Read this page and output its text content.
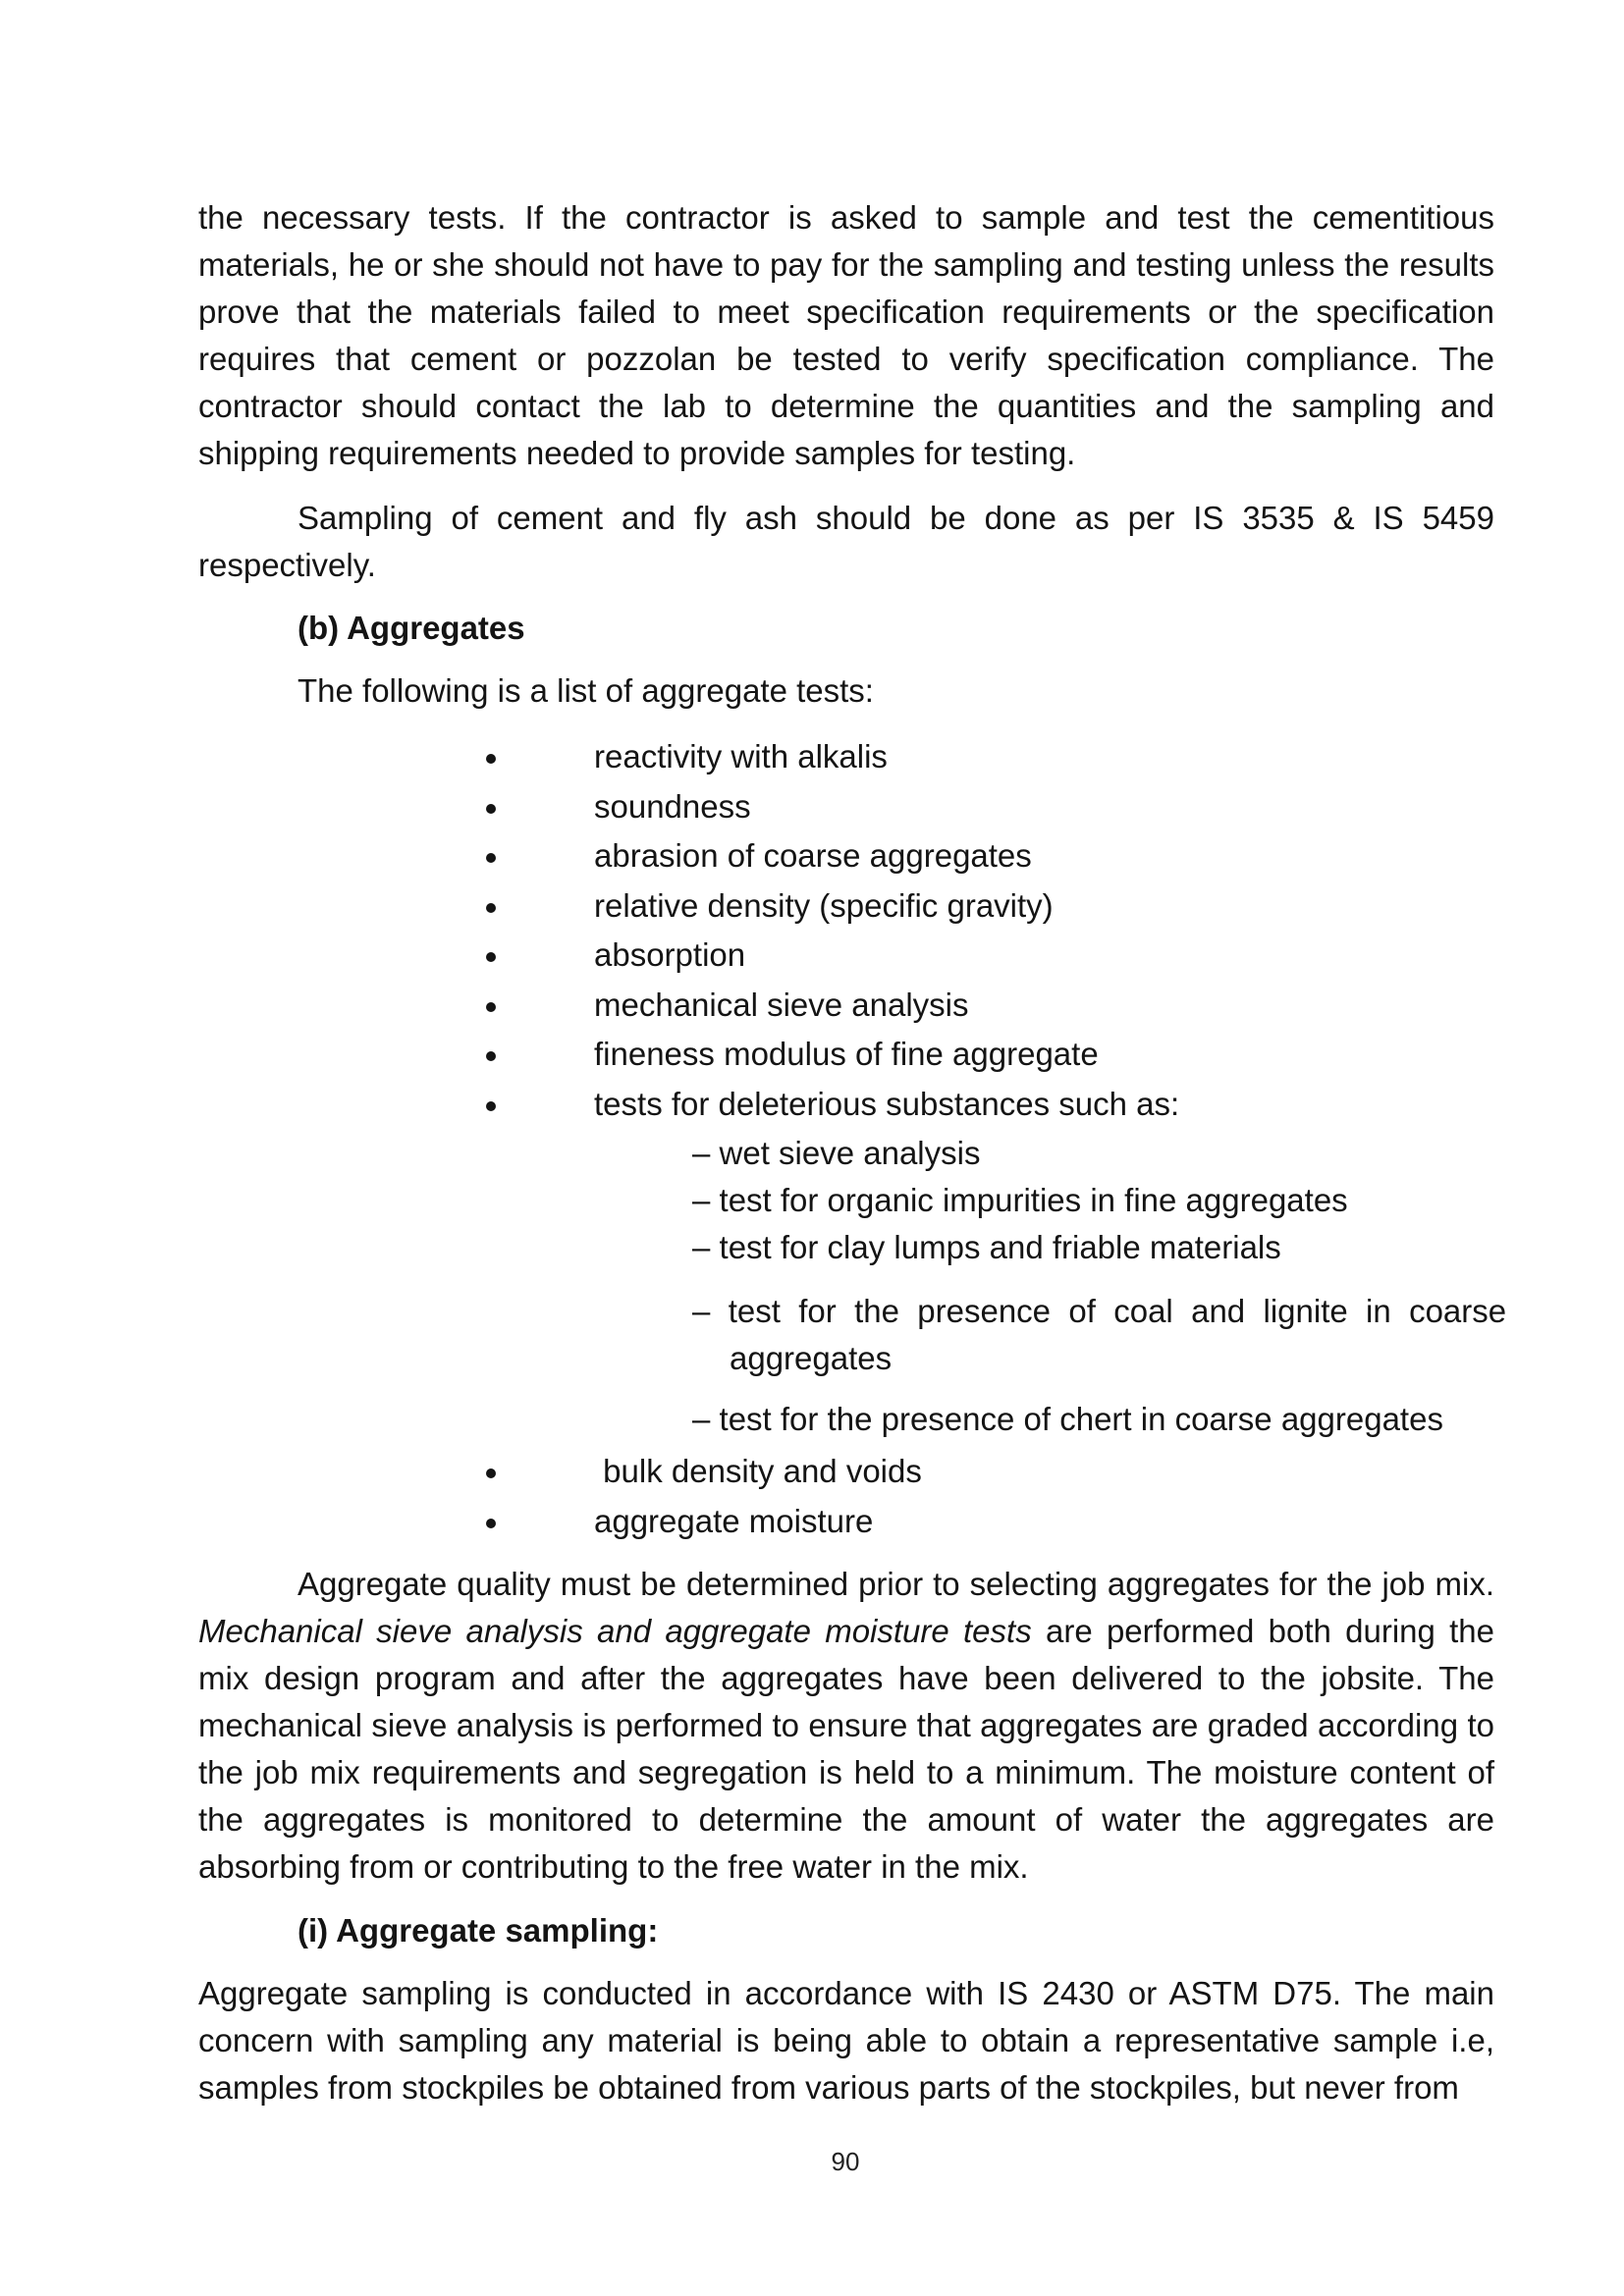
the necessary tests. If the contractor is asked to sample and test the cementitious materials, he or she should not have to pay for the sampling and testing unless the results prove that the materials failed to meet specification requirements or the specification requires that cement or pozzolan be tested to verify specification compliance. The contractor should contact the lab to determine the quantities and the sampling and shipping requirements needed to provide samples for testing.

Sampling of cement and fly ash should be done as per IS 3535 & IS 5459 respectively.

(b) Aggregates

The following is a list of aggregate tests:

reactivity with alkalis
soundness
abrasion of coarse aggregates
relative density (specific gravity)
absorption
mechanical sieve analysis
fineness modulus of fine aggregate
tests for deleterious substances such as:
– wet sieve analysis
– test for organic impurities in fine aggregates
– test for clay lumps and friable materials

–  test  for  the  presence  of  coal  and  lignite  in  coarse
aggregates

– test for the presence of chert in coarse aggregates

bulk density and voids
aggregate moisture

Aggregate quality must be determined prior to selecting aggregates for the job mix. Mechanical sieve analysis and aggregate moisture tests are performed both during the mix design program and after the aggregates have been delivered to the jobsite. The mechanical sieve analysis is performed to ensure that aggregates are graded according to the job mix requirements and segregation is held to a minimum. The moisture content of the aggregates is monitored to determine the amount of water the aggregates are absorbing from or contributing to the free water in the mix.

(i) Aggregate sampling:

Aggregate sampling is conducted in accordance with IS 2430 or ASTM D75. The main concern with sampling any material is being able to obtain a representative sample i.e, samples from stockpiles be obtained from various parts of the stockpiles, but never from

90
